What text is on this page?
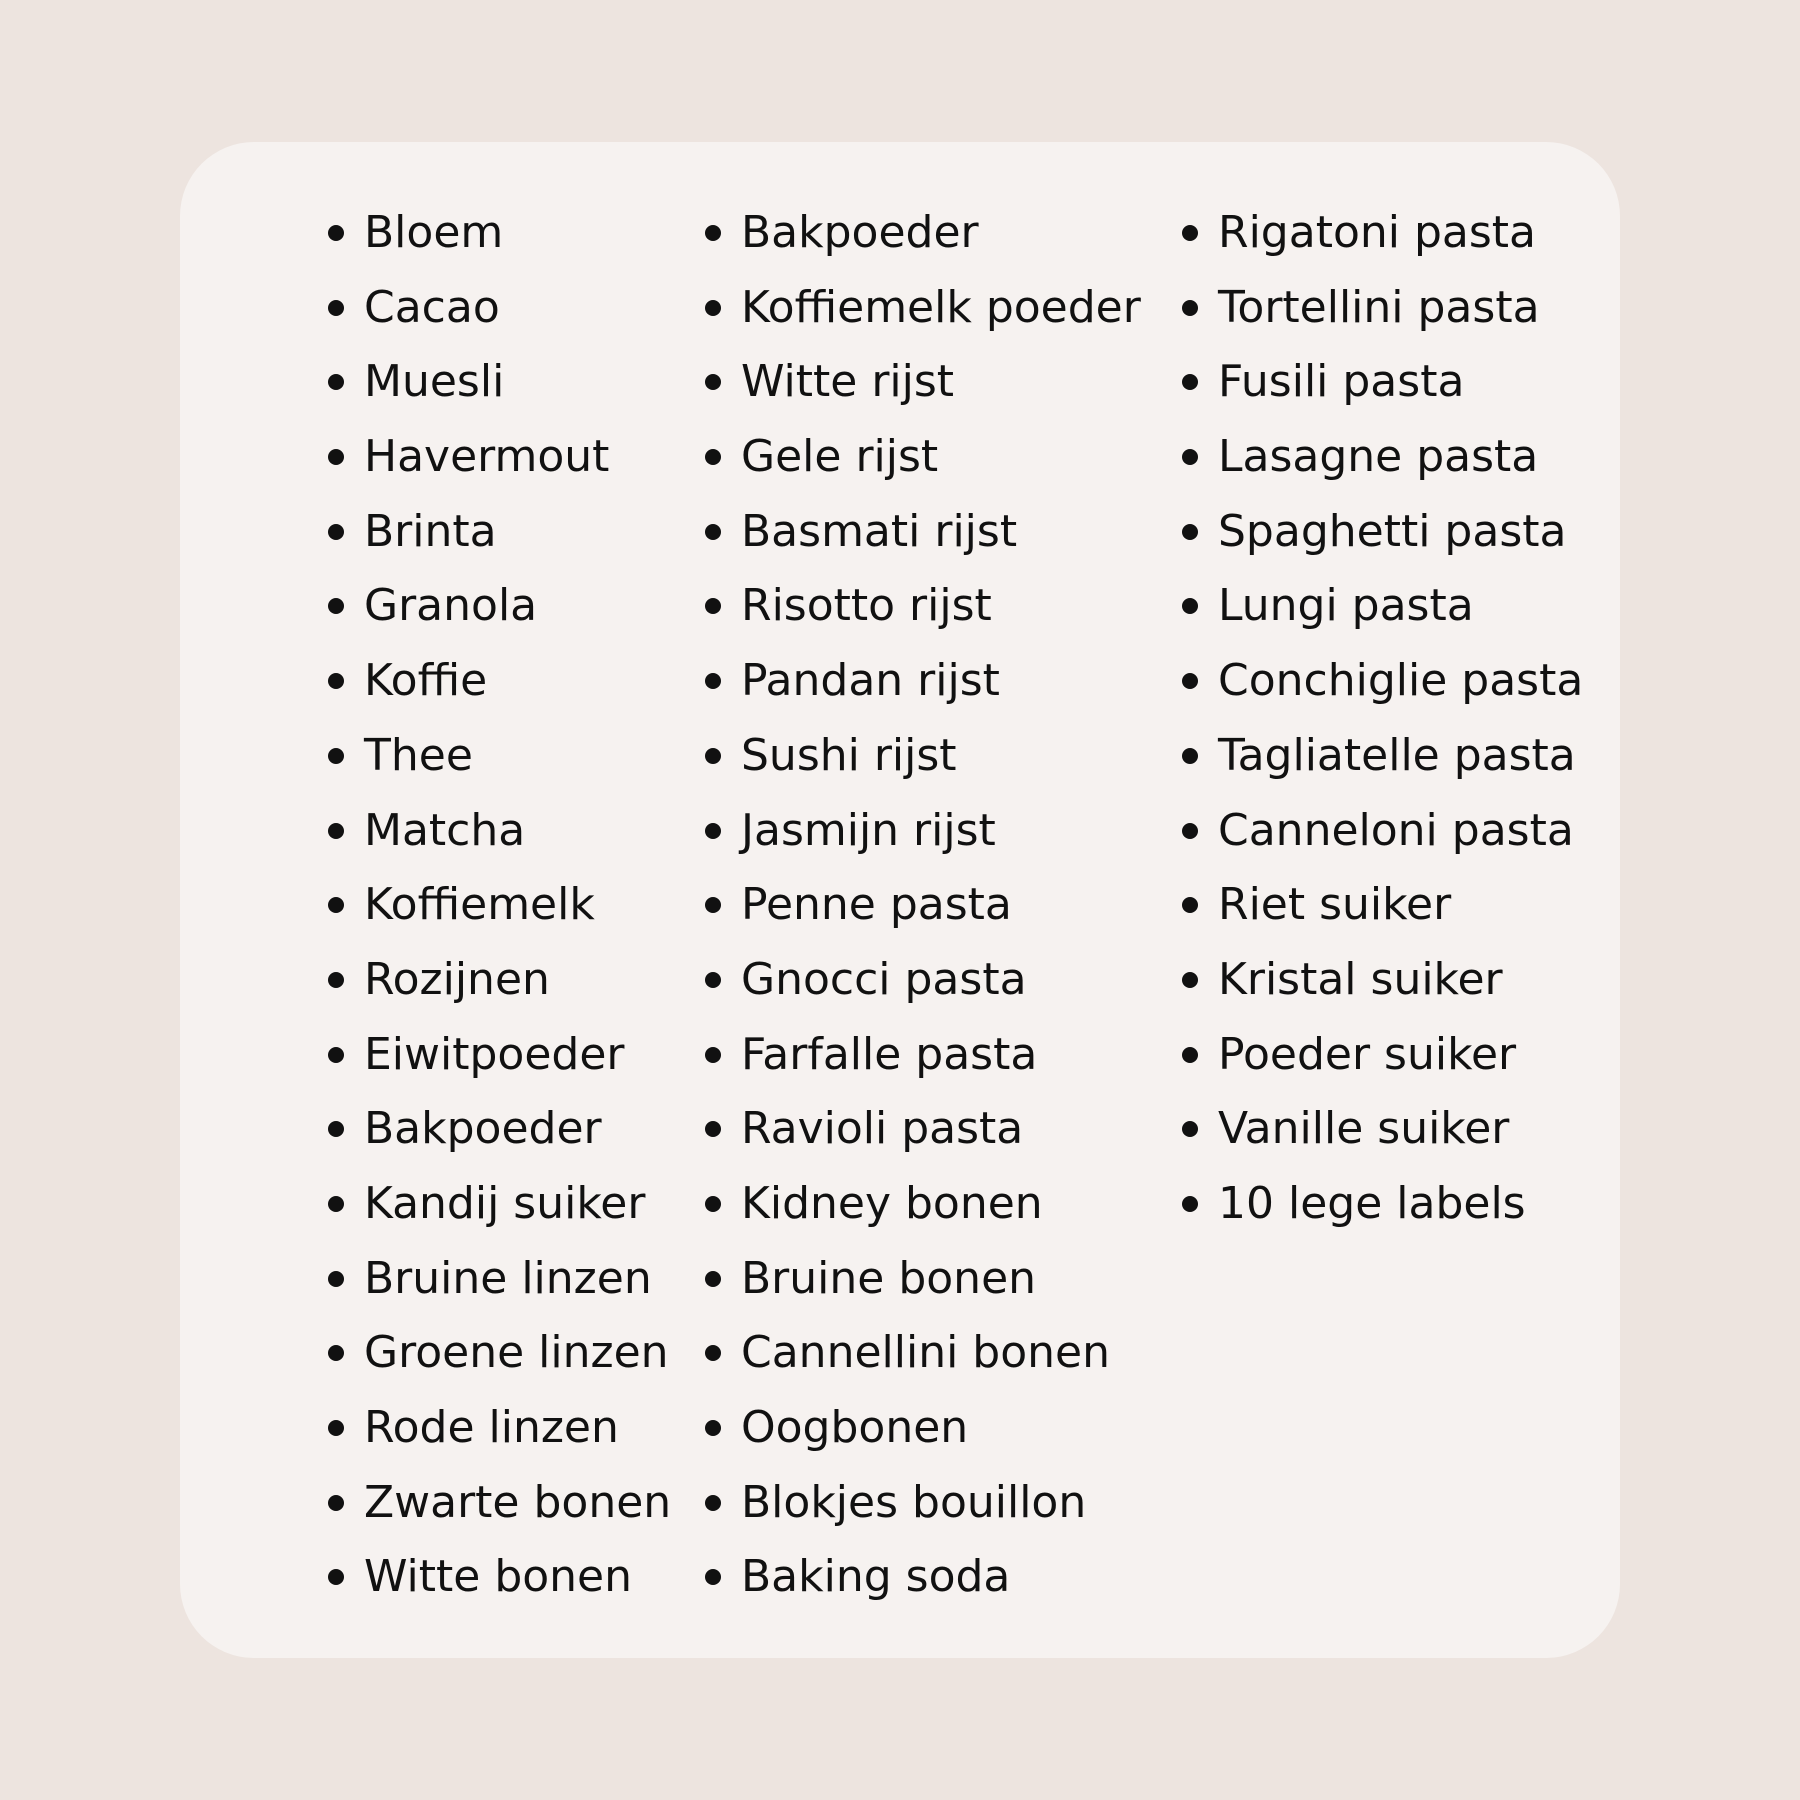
Bloem
Cacao
Muesli
Havermout
Brinta
Granola
Koffie
Thee
Matcha
Koffiemelk
Rozijnen
Eiwitpoeder
Bakpoeder
Kandij suiker
Bruine linzen
Groene linzen
Rode linzen
Zwarte bonen
Witte bonen
Bakpoeder
Koffiemelk poeder
Witte rijst
Gele rijst
Basmati rijst
Risotto rijst
Pandan rijst
Sushi rijst
Jasmijn rijst
Penne pasta
Gnocci pasta
Farfalle pasta
Ravioli pasta
Kidney bonen
Bruine bonen
Cannellini bonen
Oogbonen
Blokjes bouillon
Baking soda
Rigatoni pasta
Tortellini pasta
Fusili pasta
Lasagne pasta
Spaghetti pasta
Lungi pasta
Conchiglie pasta
Tagliatelle pasta
Canneloni pasta
Riet suiker
Kristal suiker
Poeder suiker
Vanille suiker
10 lege labels
